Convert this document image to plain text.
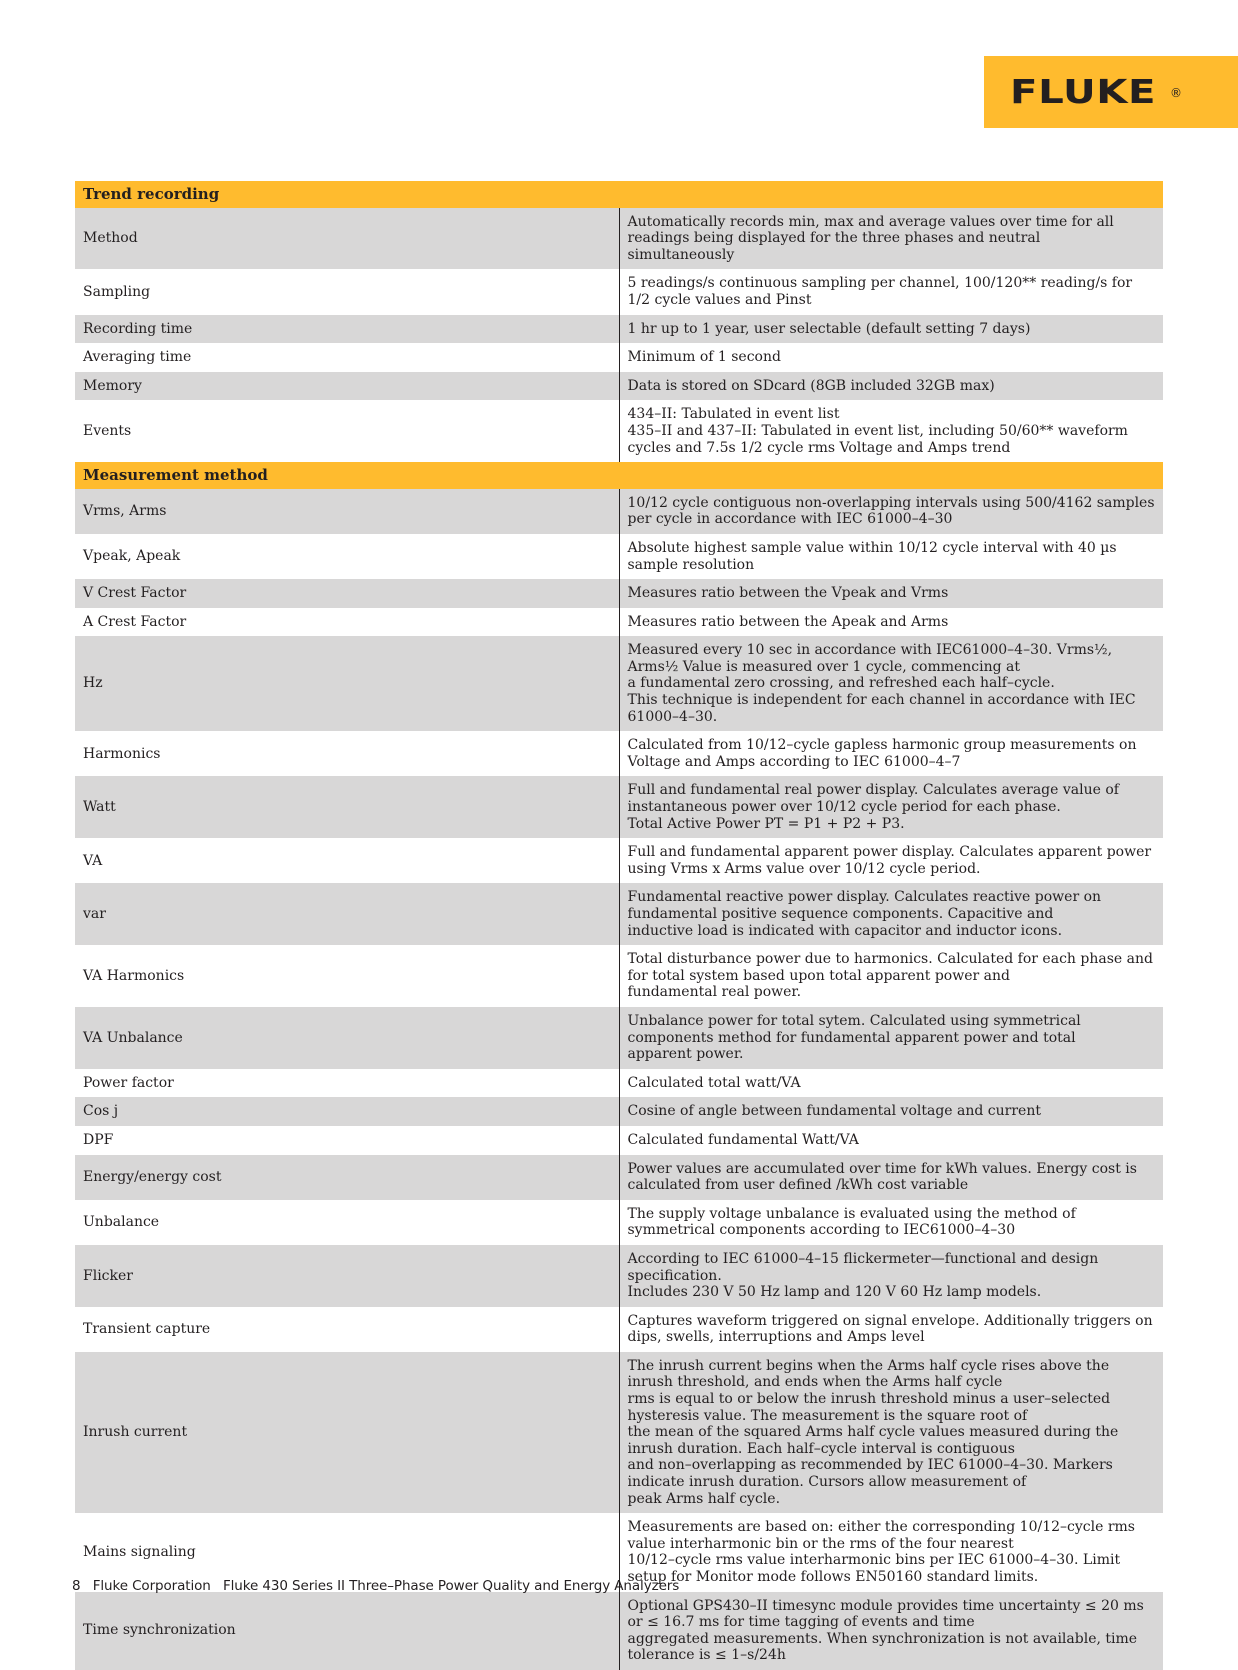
FLUKE ®
Trend recording	
Method	Automatically records min, max and average values over time for all readings being displayed for the three phases and neutral
simultaneously
Sampling	5 readings/s continuous sampling per channel, 100/120** reading/s for 1/2 cycle values and Pinst
Recording time	1 hr up to 1 year, user selectable (default setting 7 days)
Averaging time	Minimum of 1 second
Memory	Data is stored on SDcard (8GB included 32GB max)
Events	434–II: Tabulated in event list
435–II and 437–II: Tabulated in event list, including 50/60** waveform cycles and 7.5s 1/2 cycle rms Voltage and Amps trend
Measurement method	
Vrms, Arms	10/12 cycle contiguous non-overlapping intervals using 500/4162 samples per cycle in accordance with IEC 61000–4–30
Vpeak, Apeak	Absolute highest sample value within 10/12 cycle interval with 40 µs sample resolution
V Crest Factor	Measures ratio between the Vpeak and Vrms
A Crest Factor	Measures ratio between the Apeak and Arms
Hz	Measured every 10 sec in accordance with IEC61000–4–30. Vrms½, Arms½ Value is measured over 1 cycle, commencing at
a fundamental zero crossing, and refreshed each half–cycle.
This technique is independent for each channel in accordance with IEC 61000–4–30.
Harmonics	Calculated from 10/12–cycle gapless harmonic group measurements on Voltage and Amps according to IEC 61000–4–7
Watt	Full and fundamental real power display. Calculates average value of instantaneous power over 10/12 cycle period for each phase.
Total Active Power PT = P1 + P2 + P3.
VA	Full and fundamental apparent power display. Calculates apparent power using Vrms x Arms value over 10/12 cycle period.
var	Fundamental reactive power display. Calculates reactive power on fundamental positive sequence components. Capacitive and
inductive load is indicated with capacitor and inductor icons.
VA Harmonics	Total disturbance power due to harmonics. Calculated for each phase and for total system based upon total apparent power and
fundamental real power.
VA Unbalance	Unbalance power for total sytem. Calculated using symmetrical components method for fundamental apparent power and total
apparent power.
Power factor	Calculated total watt/VA
Cos j	Cosine of angle between fundamental voltage and current
DPF	Calculated fundamental Watt/VA
Energy/energy cost	Power values are accumulated over time for kWh values. Energy cost is calculated from user defined /kWh cost variable
Unbalance	The supply voltage unbalance is evaluated using the method of symmetrical components according to IEC61000–4–30
Flicker	According to IEC 61000–4–15 flickermeter—functional and design specification.
Includes 230 V 50 Hz lamp and 120 V 60 Hz lamp models.
Transient capture	Captures waveform triggered on signal envelope. Additionally triggers on dips, swells, interruptions and Amps level
Inrush current	The inrush current begins when the Arms half cycle rises above the inrush threshold, and ends when the Arms half cycle
rms is equal to or below the inrush threshold minus a user–selected hysteresis value. The measurement is the square root of
the mean of the squared Arms half cycle values measured during the inrush duration. Each half–cycle interval is contiguous
and non–overlapping as recommended by IEC 61000–4–30. Markers indicate inrush duration. Cursors allow measurement of
peak Arms half cycle.
Mains signaling	Measurements are based on: either the corresponding 10/12–cycle rms value interharmonic bin or the rms of the four nearest
10/12–cycle rms value interharmonic bins per IEC 61000–4–30. Limit setup for Monitor mode follows EN50160 standard limits.
Time synchronization	Optional GPS430–II timesync module provides time uncertainty ≤ 20 ms or ≤ 16.7 ms for time tagging of events and time
aggregated measurements. When synchronization is not available, time tolerance is ≤ 1–s/24h
8 Fluke Corporation Fluke 430 Series II Three–Phase Power Quality and Energy Analyzers
